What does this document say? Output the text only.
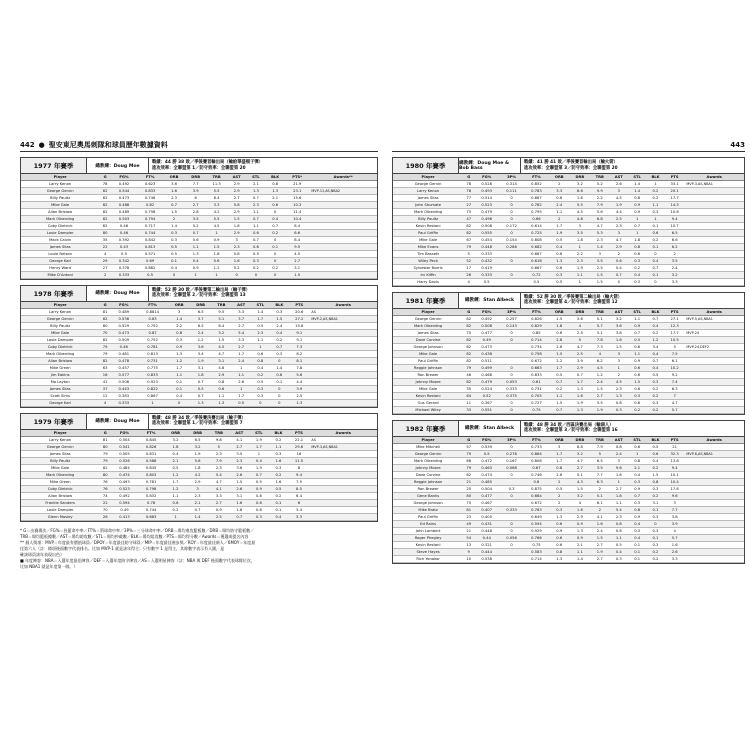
442 ● 聖安東尼奧馬刺隊和球員歷年數據資料
1977 年賽季	總教練：Doug Moe
戰績：44 勝 38 敗／季後賽首輪出局（輸給華盛頓子彈）
進攻效率：全聯盟第 1／防守效率：全聯盟第 20
Player	G	FG%	FT%	ORB	DRB	TRB	AST	STL	BLK	PTS*	Awards**
Larry Kenon	78	0.492	0.623	3.6	7.7	11.3	2.9	2.1	0.8	21.9	
George Gervin	82	0.544	0.833	1.6	3.9	5.5	2.9	1.3	1.3	23.1	MVP-11,AS,NBA2
Billy Paultz	82	0.473	0.746	2.3	6	8.4	2.7	0.7	2.1	15.6	
Mike Gale	82	0.468	0.82	0.7	2.7	3.3	5.8	2.3	0.6	10.3	
Allan Bristow	82	0.489	0.798	1.5	2.8	4.2	2.9	1.1	0	11.4	
Mark Olberding	82	0.503	0.794	2	3.5	5.5	1.5	0.7	0.4	10.4	
Coby Dietrick	82	0.46	0.717	1.4	5.2	4.5	1.8	1.1	0.7	8.4	
Louie Dampier	80	0.46	0.744	0.3	0.7	1	2.9	0.6	0.2	6.6	
Mack Calvin	35	0.392	0.842	0.3	0.6	0.9	3	0.7	0	8.4	
James Silas	22	0.43	0.813	0.5	1.1	1.5	2.3	0.6	0.1	9.5	
Louie Nelson	4	0.5	0.571	0.5	1.3	1.8	0.8	0.5	0	4.5	
George Karl	29	0.342	0.69	0.1	0.4	0.6	1.6	0.3	0	2.7	
Henry Ward	27	0.378	0.882	0.4	0.9	1.2	0.2	0.2	0.2	3.1	
Mike D'Antoni	2	0.333	0.5	0	1	1	0	0	0	1.5	
1978 年賽季	總教練：Doug Moe
戰績：52 勝 30 敗／季後賽第二輪出局（輸子彈）
進攻效率：全聯盟第 2／防守效率：全聯盟第 13
Player	G	FG%	FT%	ORB	DRB	TRB	AST	STL	BLK	PTS	Awards
Larry Kenon	81	0.489	0.8814	3	6.5	9.5	3.3	1.4	0.3	20.6	AS
George Gervin	82	0.536	0.83	1.4	3.7	5.1	3.7	1.7	1.5	27.2	MVP-2,AS,NBA1
Billy Paultz	80	0.529	0.752	2.2	6.5	8.4	2.7	0.5	2.4	15.8	
Mike Gale	70	0.473	0.87	0.8	2.4	3.2	5.4	2.3	0.4	9.1	
Louie Dampier	82	0.509	0.752	0.3	1.2	1.5	3.3	1.1	0.2	9.1	
Coby Dietrick	79	0.46	0.781	0.9	3.6	4.5	2.7	1	0.7	7.3	
Mark Olberding	79	0.481	0.813	1.3	3.4	4.7	1.7	0.6	0.3	8.2	
Allan Bristow	82	0.478	0.731	1.2	1.9	3.1	2.4	0.8	0	8.1	
Mike Green	63	0.457	0.775	1.7	3.1	4.8	1	0.4	1.4	7.8	
Jim Eakins	16	0.577	0.833	1.1	1.8	2.9	1.1	0.2	0.6	5.6	
Mo Layton	41	0.506	0.923	0.1	0.7	0.8	2.6	0.5	0.1	4.4	
James Silas	37	0.443	0.822	0.1	0.5	0.6	1	0.3	0	3.9	
Scott Sims	12	0.383	0.867	0.4	0.7	1.1	1.7	0.3	0	2.5	
George Karl	4	0.333	1	0	1.3	1.3	0.5	0	0	1.3	
1979 年賽季	總教練：Doug Moe
戰績：48 勝 34 敗／季後賽決賽出局（輸子彈）
進攻效率：全聯盟第 1／防守效率：全聯盟第 7
Player	G	FG%	FT%	ORB	DRB	TRB	AST	STL	BLK	PTS	Awards
Larry Kenon	81	0.504	0.845	3.2	6.5	9.8	4.1	1.9	0.2	22.1	AS
George Gervin	80	0.541	0.826	1.8	3.2	5	2.7	1.7	1.1	29.6	MVP-3,AS,NBA1
James Silas	79	0.505	0.831	0.4	1.9	2.3	3.5	1	0.3	16	
Billy Paultz	79	0.526	0.588	2.1	5.6	7.9	2.3	0.4	1.6	11.5	
Mike Gale	82	0.484	0.845	0.5	1.8	2.3	3.6	1.9	0.3	8	
Mark Olberding	80	0.474	0.803	1.2	4.2	5.4	2.6	0.7	0.2	9.4	
Mike Green	76	0.493	0.781	1.7	2.9	4.7	1.5	0.5	1.6	7.5	
Coby Dietrick	76	0.523	0.798	1.2	3	4.1	2.6	0.9	0.5	8.5	
Allan Bristow	74	0.492	0.832	1.1	2.3	3.3	3.1	0.8	0.2	6.4	
Frankie Sanders	22	0.594	0.78	0.6	2.1	2.7	1.6	0.6	0.1	6	
Louie Dampier	70	0.49	0.744	0.2	0.7	0.9	1.8	0.6	0.1	3.4	
Glenn Mosley	26	0.413	0.683	1	1.4	2.5	0.7	0.3	0.4	3.3	
* G＝出賽場次／FG%＝投籃命中率／FT%＝罰球命中率／3P%＝三分球命中率／ORB＝場均進攻籃板數／DRB＝場均防守籃板數／
TRB＝場均籃板總數／AST＝場均助攻數／STL＝場均抄截數／BLK＝場均阻攻數／PTS＝場均得分數／Awards＝獲選或提名內容
** 個人獎項：MVP＝年度最有價值球員／DPOY＝年度最佳防守球員／MIP＝年度最佳進步獎／ROY＝年度最佳新人／6MOY＝年度最
佳第六人（註：標項後面數字代表排名。比如 MVP-1 就是該年得主；只有數字 1 是得主，其餘數字表示有入圍，是
確該球員該年表現出色）
■ 年度陣容：NBA＝入選年度最佳陣容／DEF＝入選年度防守陣容／AS＝入選明星陣容（註：NBA 與 DEF 後面數字代表球隊位次，
比如 NBA1 就是年度第一隊。）
443
1980 年賽季	總教練：Doug Moe & Bob Bass
戰績：41 勝 41 敗／季後賽首輪出局（輸火箭）
進攻效率：全聯盟第 3／防守效率：全聯盟第 20
Player	G	FG%	3P%	FT%	ORB	DRB	TRB	AST	STL	BLK	PTS	Awards
George Gervin	78	0.528	0.314	0.852	2	3.2	5.2	2.6	1.4	1	33.1	MVP-3,AS,NBA1
Larry Kenon	78	0.493	0.111	0.783	3.3	6.6	9.9	3	1.4	0.2	20.1	
James Silas	77	0.514	0	0.867	0.6	1.6	2.2	4.5	0.8	0.2	17.7	
John Shumate	27	0.523	0	0.782	2.4	5.5	7.9	1.9	0.9	1.1	14.5	
Mark Olberding	75	0.479	0	0.795	1.1	4.5	5.6	4.4	0.9	0.3	10.6	
Billy Paultz	47	0.496	0	0.66	2	4.8	6.8	2.5	1	1	9.4	
Kevin Restani	82	0.508	0.172	0.614	1.7	3	4.7	2.3	0.7	0.1	10.7	
Paul Griffin	82	0.555	0	0.725	1.9	3.5	5.3	3	1	0.6	6.5	
Mike Gale	67	0.454	0.154	0.808	0.5	1.8	2.3	4.7	1.8	0.2	6.6	
Mike Evans	79	0.448	0.286	0.682	0.4	1	1.4	2.9	0.8	0.1	6.2	
Tim Bassett	5	0.333		0.667	0.6	2.2	3	2	0.6	0	2	
Wiley Peck	52	0.432	0	0.618	1.3	2.3	3.5	0.6	0.3	0.4	3.5	
Sylvester Norris	17	0.419		0.667	0.6	1.9	2.5	0.4	0.2	0.7	2.4	
Irv Kiffin	26	0.333	0	0.72	0.3	1.1	1.5	0.7	0.4	0.1	3.2	
Harry Davis	4	0.5		0.5	0.5	1	1.5	0	0.3	0	3.3	
1981 年賽季	總教練：Stan Albeck
戰績：52 勝 30 敗／季後賽第二輪出局（輸火箭）
進攻效率：全聯盟第 4／防守效率：全聯盟第 12
Player	G	FG%	3P%	FT%	ORB	DRB	TRB	AST	STL	BLK	PTS	Awards
George Gervin	82	0.492	0.257	0.826	1.5	3.6	5.1	3.2	1.1	0.7	27.1	MVP-5,AS,NBA1
Mark Olberding	82	0.508	0.143	0.829	1.8	4	5.7	3.6	0.9	0.4	12.3	
James Silas	75	0.477	0	0.85	0.6	2.5	3.1	3.8	0.7	0.2	17.7	MVP-24
Dave Corzine	82	0.49	0	0.714	2.8	5	7.8	1.6	0.5	1.2	10.5	
George Johnson	82	0.473		0.734	2.6	4.7	7.3	1.5	0.6	3.4	5	MVP-24,DEF2
Mike Gale	82	0.438		0.758	1.5	2.5	4	3	1.1	0.4	7.5	
Paul Griffin	82	0.511		0.672	2.2	3.9	6.2	3	0.9	0.7	6.1	
Reggie Johnson	79	0.499	0	0.663	1.7	2.9	4.5	1	0.6	0.4	10.2	
Ron Brewer	46	0.468	0	0.833	0.5	0.7	1.2	2	0.6	0.5	9.2	
Johnny Moore	82	0.479	0.053	0.61	0.7	1.7	2.4	4.5	1.5	0.3	7.4	
Mike Gale	35	0.524	0.333	0.731	0.2	1.3	1.5	2.3	0.6	0.2	6.3	
Kevin Restani	64	0.52	0.375	0.705	1.1	1.6	2.7	1.3	0.3	0.2	7	
Gus Gerard	11	0.367	0	0.727	1.5	1.9	3.5	0.8	0.6	0.3	4.7	
Michael Wiley	33	0.551	0	0.75	0.7	1.3	1.9	0.3	0.2	0.2	5.7	
1982 年賽季	總教練：Stan Albeck
戰績：48 勝 34 敗／西區決賽出局（輸湖人）
進攻效率：全聯盟第 3／防守效率：全聯盟第 16
Player	G	FG%	3P%	FT%	ORB	DRB	TRB	AST	STL	BLK	PTS	Awards
Mike Mitchell	57	0.539	0	0.733	3	6.8	7.9	0.8	0.6	0.5	21	
George Gervin	79	0.5	0.278	0.864	1.7	3.2	5	2.4	1	0.6	32.3	MVP-6,AS,NBA1
Mark Olberding	68	0.472	0.167	0.808	1.7	4.7	6.5	3	0.8	0.4	13.8	
Johnny Moore	79	0.463	0.068	0.67	0.8	2.7	3.5	9.6	2.1	0.2	9.4	
Dave Corzine	82	0.474	0	0.746	2.6	5.1	7.7	1.6	0.4	1.5	10.1	
Reggie Johnson	21	0.485		0.8	2	4.3	6.3	1	0.3	0.8	10.4	
Ron Brewer	25	0.504	0.3	0.875	0.5	1.5	2	2.7	0.9	0.3	17.8	
Gene Banks	80	0.477	0	0.684	2	3.2	5.1	1.8	0.7	0.2	9.6	
George Johnson	75	0.467		0.672	2	4	6.1	1.1	0.3	3.1	3	
Mike Bratz	81	0.407	0.333	0.783	0.3	1.6	2	5.4	0.8	0.1	7.7	
Paul Griffin	23	0.405		0.649	1.3	2.9	4.1	2.3	0.9	0.3	3.8	
Ed Rains	49	0.431	0	0.594	0.6	0.9	1.6	0.8	0.4	0	3.9	
John Lambert	21	0.448	0	0.929	0.9	1.3	2.4	0.6	0.3	0.3	4	
Roger Phegley	54	0.44	0.056	0.766	0.6	0.9	1.5	1.1	0.4	0.1	5.7	
Kevin Restani	13	0.321	0	0.75	0.6	2.1	2.7	0.5	0.1	0.3	1.6	
Steve Hayes	9	0.444		0.583	0.8	1.1	1.9	0.4	0.1	0.2	2.6	
Rich Yonakor	10	0.538		0.714	1.3	1.4	2.7	0.3	0.1	0.2	3.3	
